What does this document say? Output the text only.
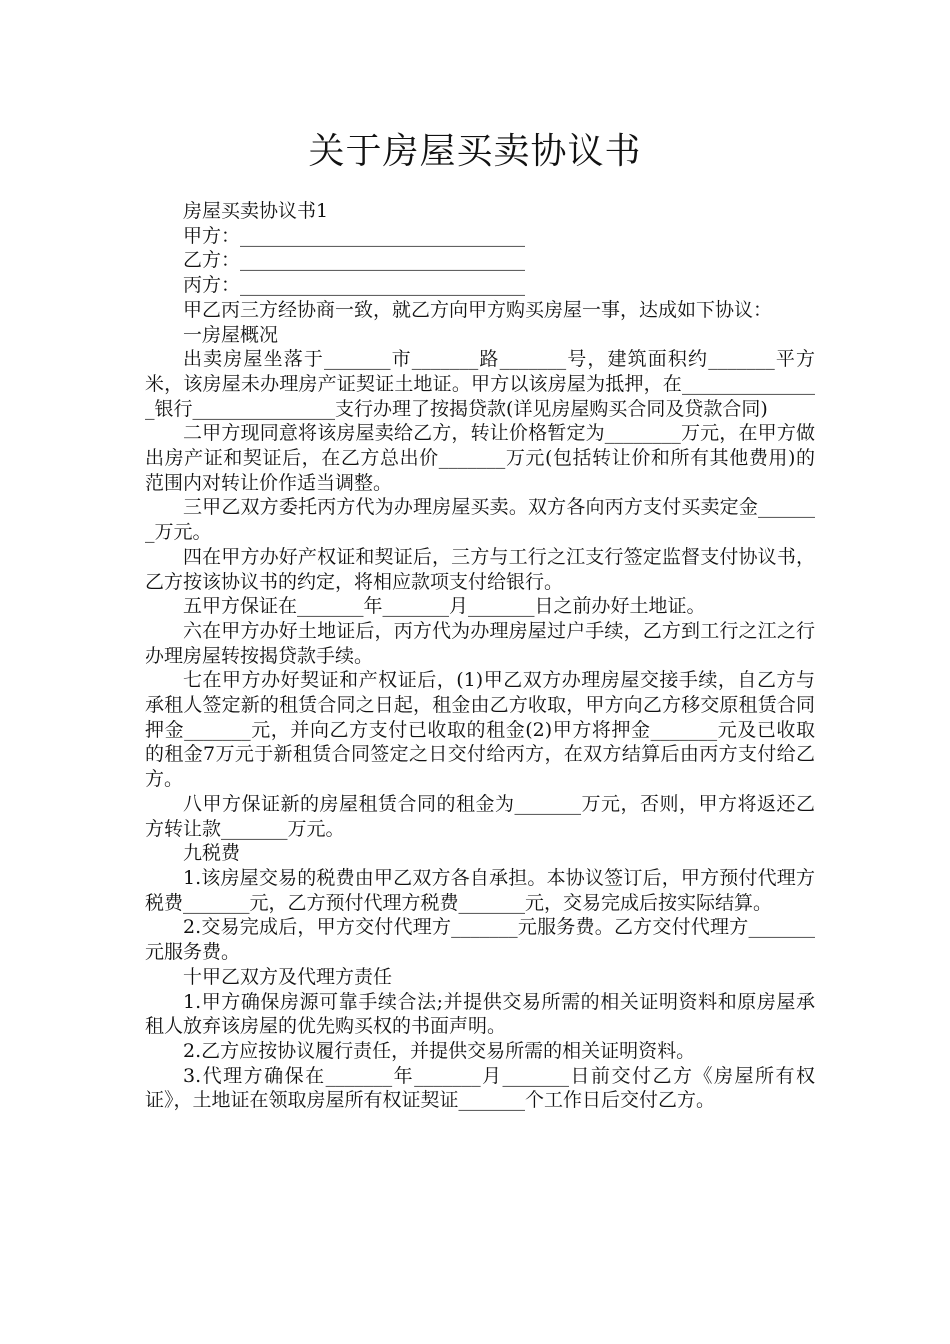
关于房屋买卖协议书

房屋买卖协议书1

甲方：______________________________

乙方：______________________________

丙方：______________________________

甲乙丙三方经协商一致，就乙方向甲方购买房屋一事，达成如下协议：

一房屋概况

出卖房屋坐落于_______市_______路_______号，建筑面积约_______平方米，该房屋未办理房产证契证土地证。甲方以该房屋为抵押，在_______________银行_______________支行办理了按揭贷款(详见房屋购买合同及贷款合同)

二甲方现同意将该房屋卖给乙方，转让价格暂定为________万元，在甲方做出房产证和契证后，在乙方总出价_______万元(包括转让价和所有其他费用)的范围内对转让价作适当调整。

三甲乙双方委托丙方代为办理房屋买卖。双方各向丙方支付买卖定金_______万元。

四在甲方办好产权证和契证后，三方与工行之江支行签定监督支付协议书，乙方按该协议书的约定，将相应款项支付给银行。

五甲方保证在_______年_______月_______日之前办好土地证。

六在甲方办好土地证后，丙方代为办理房屋过户手续，乙方到工行之江之行办理房屋转按揭贷款手续。

七在甲方办好契证和产权证后，(1)甲乙双方办理房屋交接手续，自乙方与承租人签定新的租赁合同之日起，租金由乙方收取，甲方向乙方移交原租赁合同押金_______元，并向乙方支付已收取的租金(2)甲方将押金_______元及已收取的租金7万元于新租赁合同签定之日交付给丙方，在双方结算后由丙方支付给乙方。

八甲方保证新的房屋租赁合同的租金为_______万元，否则，甲方将返还乙方转让款_______万元。

九税费

1.该房屋交易的税费由甲乙双方各自承担。本协议签订后，甲方预付代理方税费_______元，乙方预付代理方税费_______元，交易完成后按实际结算。

2.交易完成后，甲方交付代理方_______元服务费。乙方交付代理方_______元服务费。

十甲乙双方及代理方责任

1.甲方确保房源可靠手续合法;并提供交易所需的相关证明资料和原房屋承租人放弃该房屋的优先购买权的书面声明。

2.乙方应按协议履行责任，并提供交易所需的相关证明资料。

3.代理方确保在_______年_______月_______日前交付乙方《房屋所有权证》，土地证在领取房屋所有权证契证_______个工作日后交付乙方。
